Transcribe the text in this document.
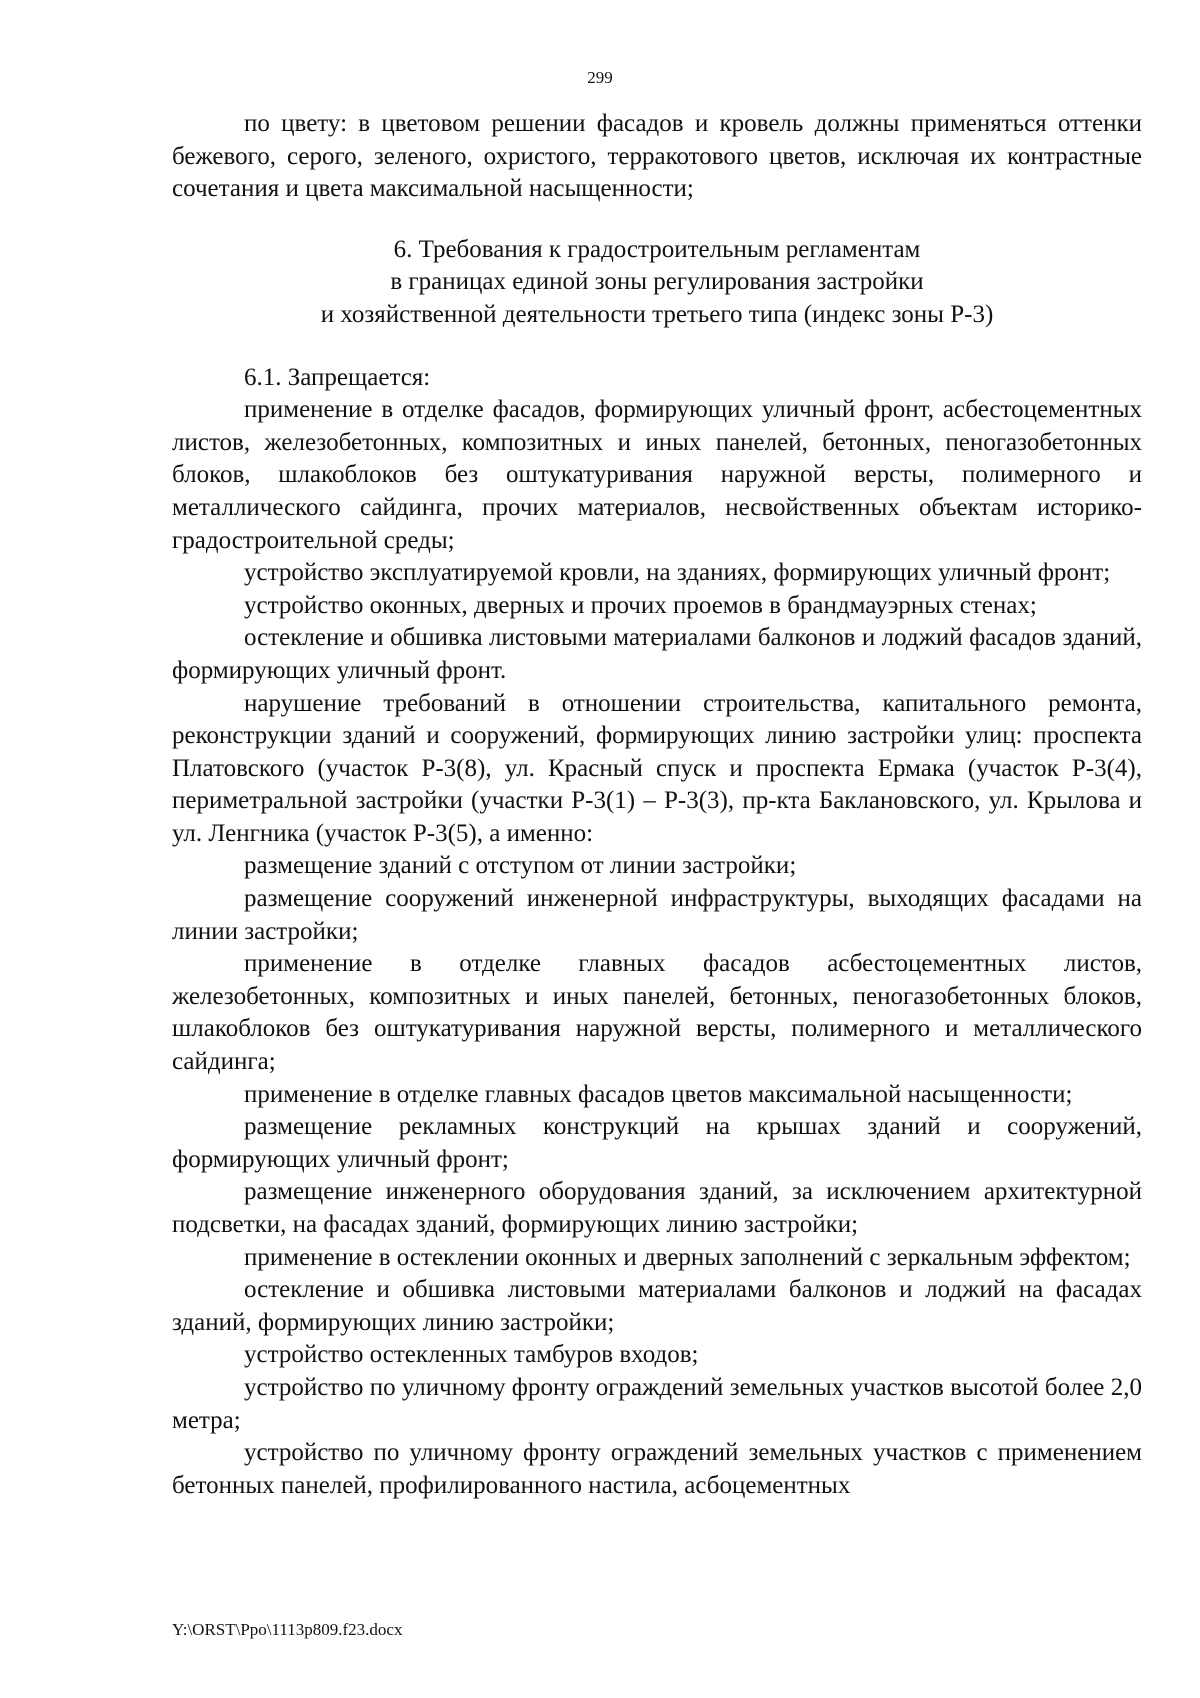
299

по цвету: в цветовом решении фасадов и кровель должны применяться оттенки бежевого, серого, зеленого, охристого, терракотового цветов, исключая их контрастные сочетания и цвета максимальной насыщенности;

6. Требования к градостроительным регламентам
в границах единой зоны регулирования застройки
и хозяйственной деятельности третьего типа (индекс зоны Р-3)

6.1. Запрещается:

применение в отделке фасадов, формирующих уличный фронт, асбестоцементных листов, железобетонных, композитных и иных панелей, бетонных, пеногазобетонных блоков, шлакоблоков без оштукатуривания наружной версты, полимерного и металлического сайдинга, прочих материалов, несвойственных объектам историко-градостроительной среды;

устройство эксплуатируемой кровли, на зданиях, формирующих уличный фронт;

устройство оконных, дверных и прочих проемов в брандмауэрных стенах;

остекление и обшивка листовыми материалами балконов и лоджий фасадов зданий, формирующих уличный фронт.

нарушение требований в отношении строительства, капитального ремонта, реконструкции зданий и сооружений, формирующих линию застройки улиц: проспекта Платовского (участок Р-3(8), ул. Красный спуск и проспекта Ермака (участок Р-3(4), периметральной застройки (участки Р-3(1) – Р-3(3), пр-кта Баклановского, ул. Крылова и ул. Ленгника (участок Р-3(5), а именно:

размещение зданий с отступом от линии застройки;

размещение сооружений инженерной инфраструктуры, выходящих фасадами на линии застройки;

применение в отделке главных фасадов асбестоцементных листов, железобетонных, композитных и иных панелей, бетонных, пеногазобетонных блоков, шлакоблоков без оштукатуривания наружной версты, полимерного и металлического сайдинга;

применение в отделке главных фасадов цветов максимальной насыщенности;

размещение рекламных конструкций на крышах зданий и сооружений, формирующих уличный фронт;

размещение инженерного оборудования зданий, за исключением архитектурной подсветки, на фасадах зданий, формирующих линию застройки;

применение в остеклении оконных и дверных заполнений с зеркальным эффектом;

остекление и обшивка листовыми материалами балконов и лоджий на фасадах зданий, формирующих линию застройки;

устройство остекленных тамбуров входов;

устройство по уличному фронту ограждений земельных участков высотой более 2,0 метра;

устройство по уличному фронту ограждений земельных участков с применением бетонных панелей, профилированного настила, асбоцементных

Y:\ORST\Ppo\1113p809.f23.docx
